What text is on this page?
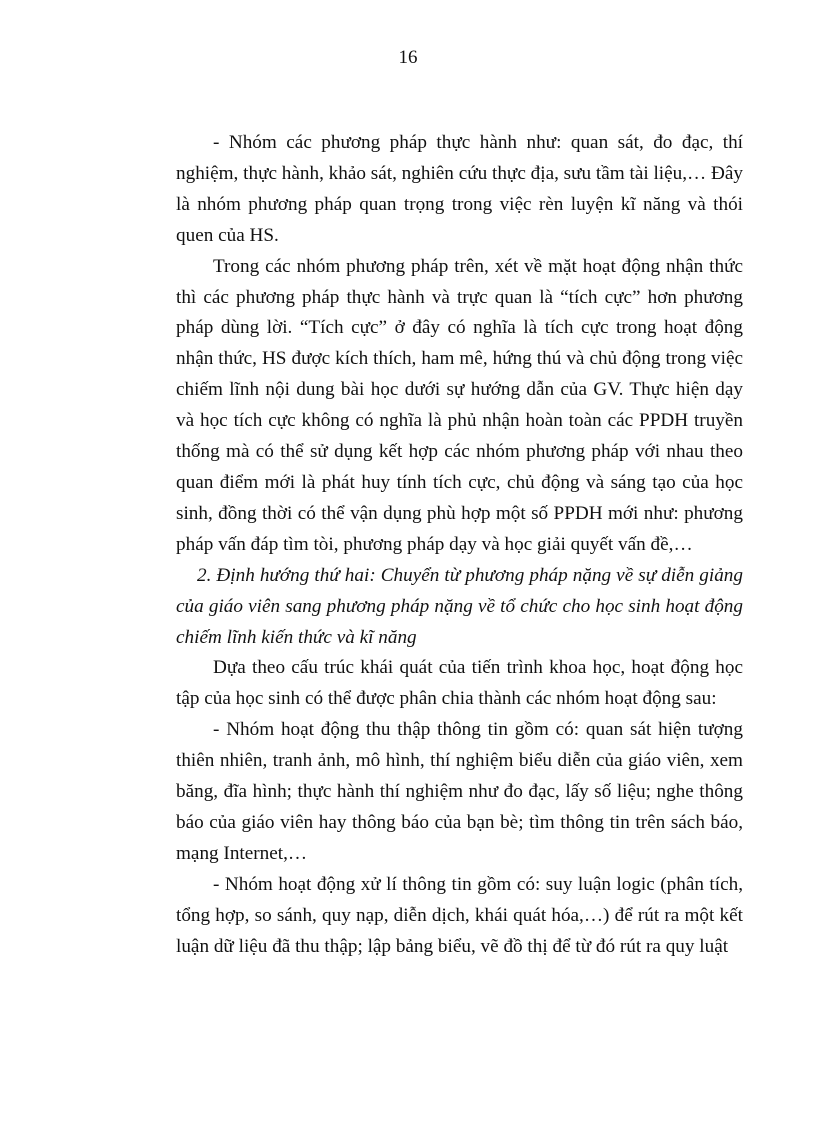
16

- Nhóm các phương pháp thực hành như: quan sát, đo đạc, thí nghiệm, thực hành, khảo sát, nghiên cứu thực địa, sưu tầm tài liệu,… Đây là nhóm phương pháp quan trọng trong việc rèn luyện kĩ năng và thói quen của HS.

Trong các nhóm phương pháp trên, xét về mặt hoạt động nhận thức thì các phương pháp thực hành và trực quan là “tích cực” hơn phương pháp dùng lời. “Tích cực” ở đây có nghĩa là tích cực trong hoạt động nhận thức, HS được kích thích, ham mê, hứng thú và chủ động trong việc chiếm lĩnh nội dung bài học dưới sự hướng dẫn của GV. Thực hiện dạy và học tích cực không có nghĩa là phủ nhận hoàn toàn các PPDH truyền thống mà có thể sử dụng kết hợp các nhóm phương pháp với nhau theo quan điểm mới là phát huy tính tích cực, chủ động và sáng tạo của học sinh, đồng thời có thể vận dụng phù hợp một số PPDH mới như: phương pháp vấn đáp tìm tòi, phương pháp dạy và học giải quyết vấn đề,…

2. Định hướng thứ hai: Chuyển từ phương pháp nặng về sự diễn giảng của giáo viên sang phương pháp nặng về tổ chức cho học sinh hoạt động chiếm lĩnh kiến thức và kĩ năng

Dựa theo cấu trúc khái quát của tiến trình khoa học, hoạt động học tập của học sinh có thể được phân chia thành các nhóm hoạt động sau:

- Nhóm hoạt động thu thập thông tin gồm có: quan sát hiện tượng thiên nhiên, tranh ảnh, mô hình, thí nghiệm biểu diễn của giáo viên, xem băng, đĩa hình; thực hành thí nghiệm như đo đạc, lấy số liệu; nghe thông báo của giáo viên hay thông báo của bạn bè; tìm thông tin trên sách báo, mạng Internet,…

- Nhóm hoạt động xử lí thông tin gồm có: suy luận logic (phân tích, tổng hợp, so sánh, quy nạp, diễn dịch, khái quát hóa,…) để rút ra một kết luận dữ liệu đã thu thập; lập bảng biểu, vẽ đồ thị để từ đó rút ra quy luật
